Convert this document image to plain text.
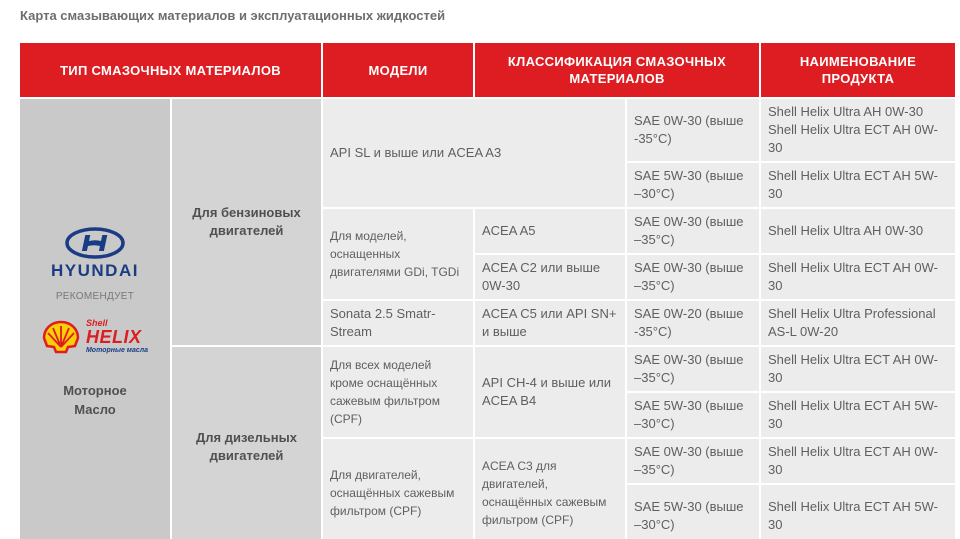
Карта смазывающих материалов и эксплуатационных жидкостей
ТИП СМАЗОЧНЫХ МАТЕРИАЛОВ	МОДЕЛИ
КЛАССИФИКАЦИЯ СМАЗОЧНЫХ МАТЕРИАЛОВ
НАИМЕНОВАНИЕ ПРОДУКТА
HYUNDAI
РЕКОМЕНДУЕТ
Shell
HELIX
Моторные масла
Моторное Масло
Для бензиновых двигателей
Для дизельных двигателей
API SL и выше или ACEA A3
SAE 0W-30 (выше -35°C)
Shell Helix Ultra AH 0W-30 Shell Helix Ultra ECT AH 0W-30
SAE 5W-30 (выше –30°C)
Shell Helix Ultra ECT AH 5W-30
Для моделей, оснащенных двигателями GDi, TGDi
ACEA A5
SAE 0W-30 (выше –35°C)
Shell Helix Ultra AH 0W-30
ACEA C2 или выше 0W-30
SAE 0W-30 (выше –35°C)
Shell Helix Ultra ECT AH 0W-30
Sonata 2.5 Smatr-Stream
ACEA C5 или API SN+ и выше
SAE 0W-20 (выше -35°C)
Shell Helix Ultra Professional AS-L 0W-20
Для всех моделей кроме оснащённых сажевым фильтром (CPF)
API CH-4 и выше или ACEA B4
SAE 0W-30 (выше –35°C)
Shell Helix Ultra ECT AH 0W-30
SAE 5W-30 (выше –30°C)
Shell Helix Ultra ECT AH 5W-30
Для двигателей, оснащённых сажевым фильтром (CPF)
ACEA C3 для двигателей, оснащённых сажевым фильтром (CPF)
SAE 0W-30 (выше –35°C)
Shell Helix Ultra ECT AH 0W-30
SAE 5W-30 (выше –30°C)
Shell Helix Ultra ECT AH 5W-30
